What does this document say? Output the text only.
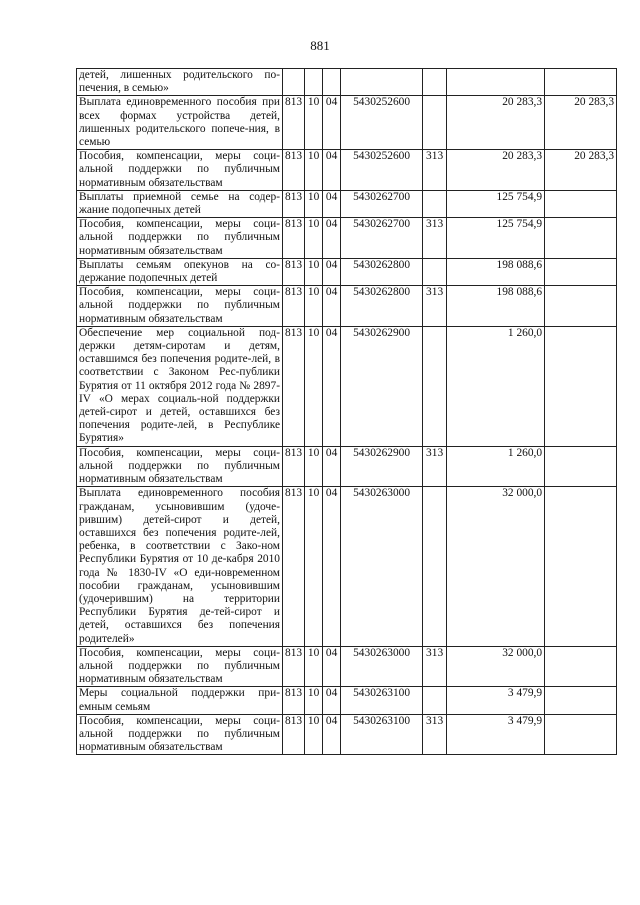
881
детей, лишенных родительского по-печения, в семью»							
Выплата единовременного пособия при всех формах устройства детей, лишенных родительского попече-ния, в семью	813	10	04	5430252600		20 283,3	20 283,3
Пособия, компенсации, меры соци-альной поддержки по публичным нормативным обязательствам	813	10	04	5430252600	313	20 283,3	20 283,3
Выплаты приемной семье на содер-жание подопечных детей	813	10	04	5430262700		125 754,9	
Пособия, компенсации, меры соци-альной поддержки по публичным нормативным обязательствам	813	10	04	5430262700	313	125 754,9	
Выплаты семьям опекунов на со-держание подопечных детей	813	10	04	5430262800		198 088,6	
Пособия, компенсации, меры соци-альной поддержки по публичным нормативным обязательствам	813	10	04	5430262800	313	198 088,6	
Обеспечение мер социальной под-держки детям-сиротам и детям, оставшимся без попечения родите-лей, в соответствии с Законом Рес-публики Бурятия от 11 октября 2012 года № 2897-IV «О мерах социаль-ной поддержки детей-сирот и детей, оставшихся без попечения родите-лей, в Республике Бурятия»	813	10	04	5430262900		1 260,0	
Пособия, компенсации, меры соци-альной поддержки по публичным нормативным обязательствам	813	10	04	5430262900	313	1 260,0	
Выплата единовременного пособия гражданам, усыновившим (удоче-рившим) детей-сирот и детей, оставшихся без попечения родите-лей, ребенка, в соответствии с Зако-ном Республики Бурятия от 10 де-кабря 2010 года № 1830-IV «О еди-новременном пособии гражданам, усыновившим (удочерившим) на территории Республики Бурятия де-тей-сирот и детей, оставшихся без попечения родителей»	813	10	04	5430263000		32 000,0	
Пособия, компенсации, меры соци-альной поддержки по публичным нормативным обязательствам	813	10	04	5430263000	313	32 000,0	
Меры социальной поддержки при-емным семьям	813	10	04	5430263100		3 479,9	
Пособия, компенсации, меры соци-альной поддержки по публичным нормативным обязательствам	813	10	04	5430263100	313	3 479,9	
